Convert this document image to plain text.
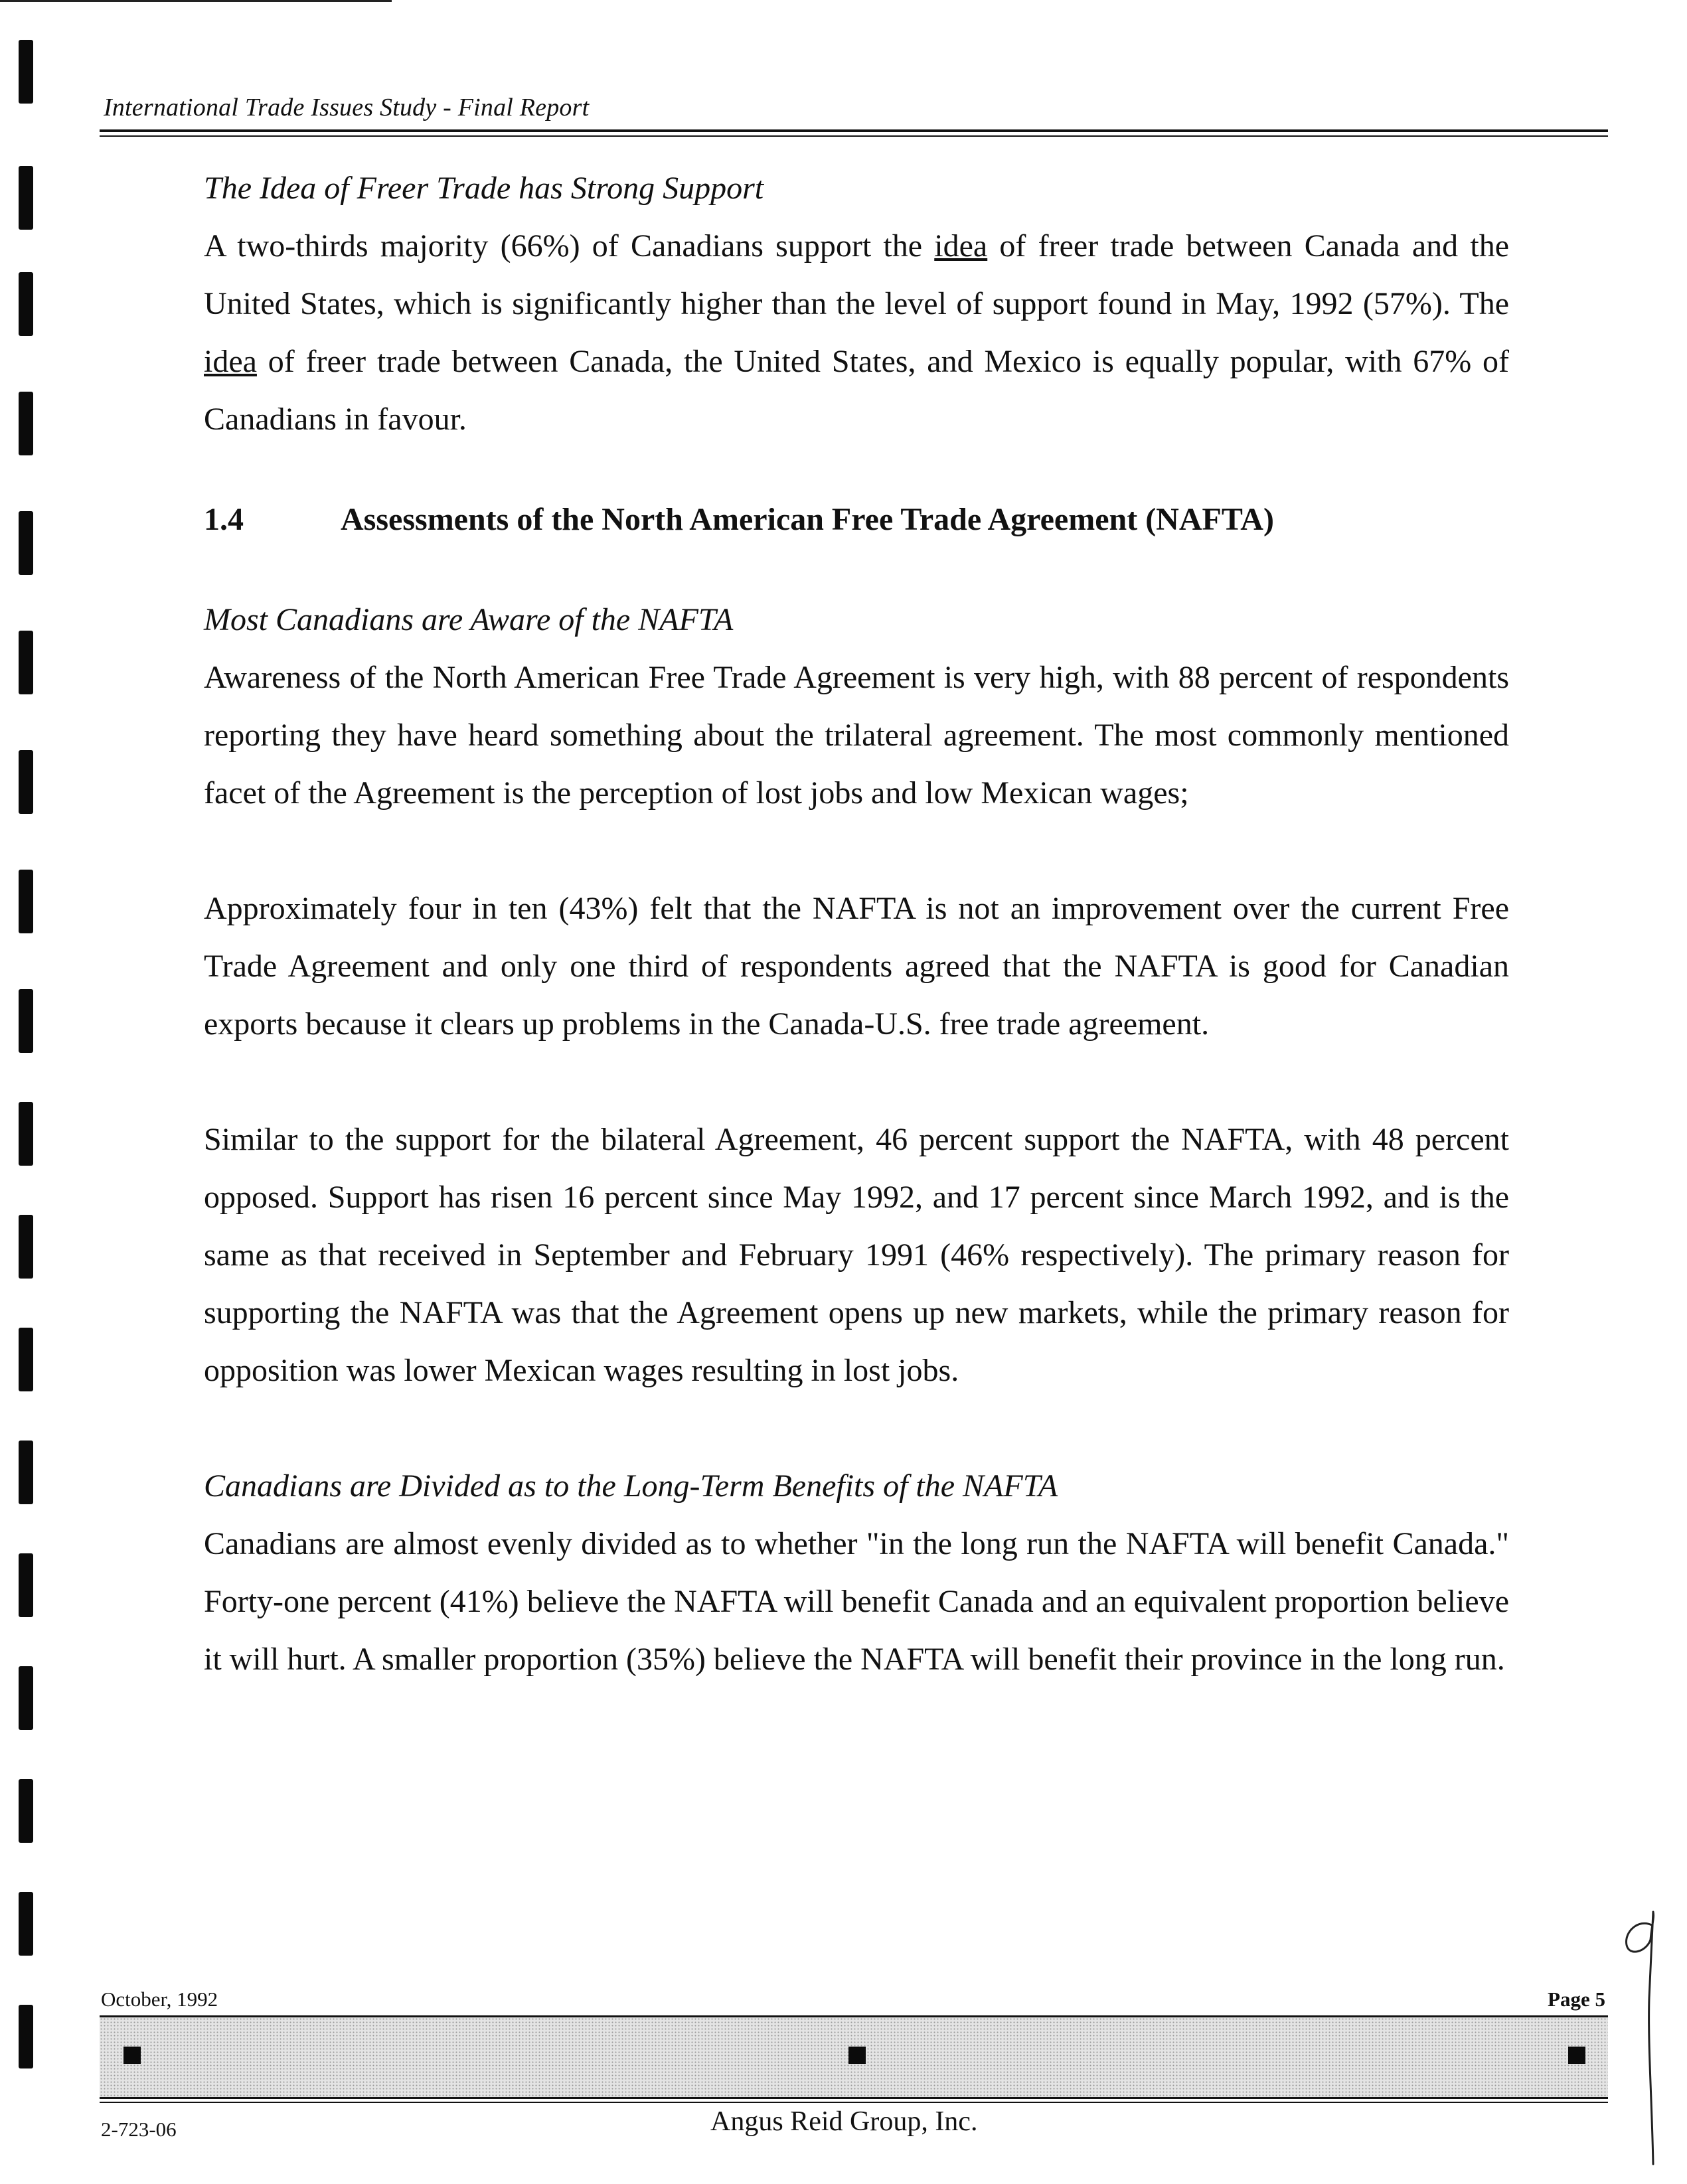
International Trade Issues Study - Final Report
The Idea of Freer Trade has Strong Support

A two-thirds majority (66%) of Canadians support the idea of freer trade between Canada and the United States, which is significantly higher than the level of support found in May, 1992 (57%). The idea of freer trade between Canada, the United States, and Mexico is equally popular, with 67% of Canadians in favour.

1.4	Assessments of the North American Free Trade Agreement (NAFTA)
Most Canadians are Aware of the NAFTA

Awareness of the North American Free Trade Agreement is very high, with 88 percent of respondents reporting they have heard something about the trilateral agreement. The most commonly mentioned facet of the Agreement is the perception of lost jobs and low Mexican wages;

Approximately four in ten (43%) felt that the NAFTA is not an improvement over the current Free Trade Agreement and only one third of respondents agreed that the NAFTA is good for Canadian exports because it clears up problems in the Canada-U.S. free trade agreement.

Similar to the support for the bilateral Agreement, 46 percent support the NAFTA, with 48 percent opposed. Support has risen 16 percent since May 1992, and 17 percent since March 1992, and is the same as that received in September and February 1991 (46% respectively). The primary reason for supporting the NAFTA was that the Agreement opens up new markets, while the primary reason for opposition was lower Mexican wages resulting in lost jobs.

Canadians are Divided as to the Long-Term Benefits of the NAFTA

Canadians are almost evenly divided as to whether "in the long run the NAFTA will benefit Canada." Forty-one percent (41%) believe the NAFTA will benefit Canada and an equivalent proportion believe it will hurt. A smaller proportion (35%) believe the NAFTA will benefit their province in the long run.

October, 1992	Page 5
2-723-06	Angus Reid Group, Inc.
